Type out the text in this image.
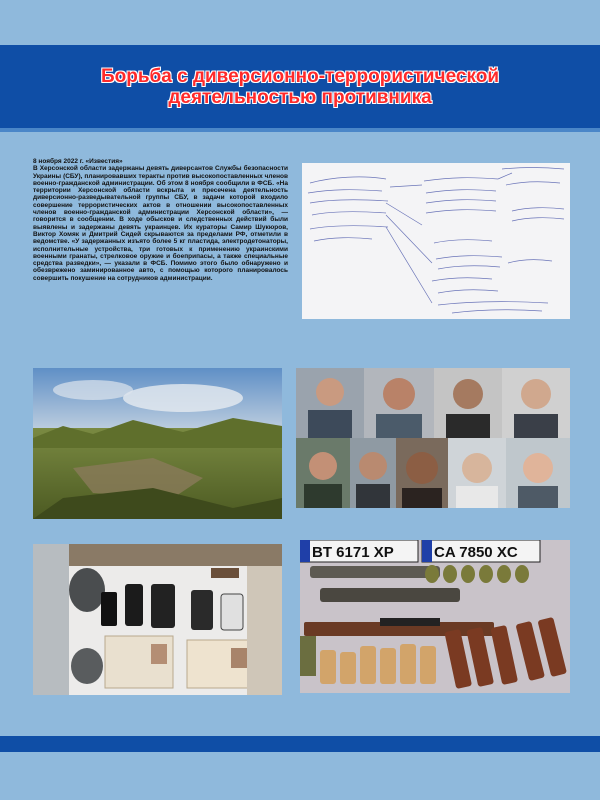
Борьба с диверсионно-террористической
деятельностью противника
8 ноября 2022 г. «Известия»
В Херсонской области задержаны девять диверсантов Службы безопасности Украины (СБУ), планировавших теракты против высокопоставленных членов военно-гражданской администрации. Об этом 8 ноября сообщили в ФСБ. «На территории Херсонской области вскрыта и пресечена деятельность диверсионно-разведывательной группы СБУ, в задачи которой входило совершение террористических актов в отношении высокопоставленных членов военно-гражданской администрации Херсонской области», — говорится в сообщении. В ходе обысков и следственных действий были выявлены и задержаны девять украинцев. Их кураторы Самир Шукюров, Виктор Хомяк и Дмитрий Сидей скрываются за пределами РФ, отметили в ведомстве. «У задержанных изъято более 5 кг пластида, электродетонаторы, исполнительные устройства, три готовых к применению украинскими военными гранаты, стрелковое оружие и боеприпасы, а также специальные средства разведки», — указали в ФСБ. Помимо этого было обнаружено и обезврежено заминированное авто, с помощью которого планировалось совершить покушение на сотрудников администрации.
BT 6171 XP	CA 7850 XC
